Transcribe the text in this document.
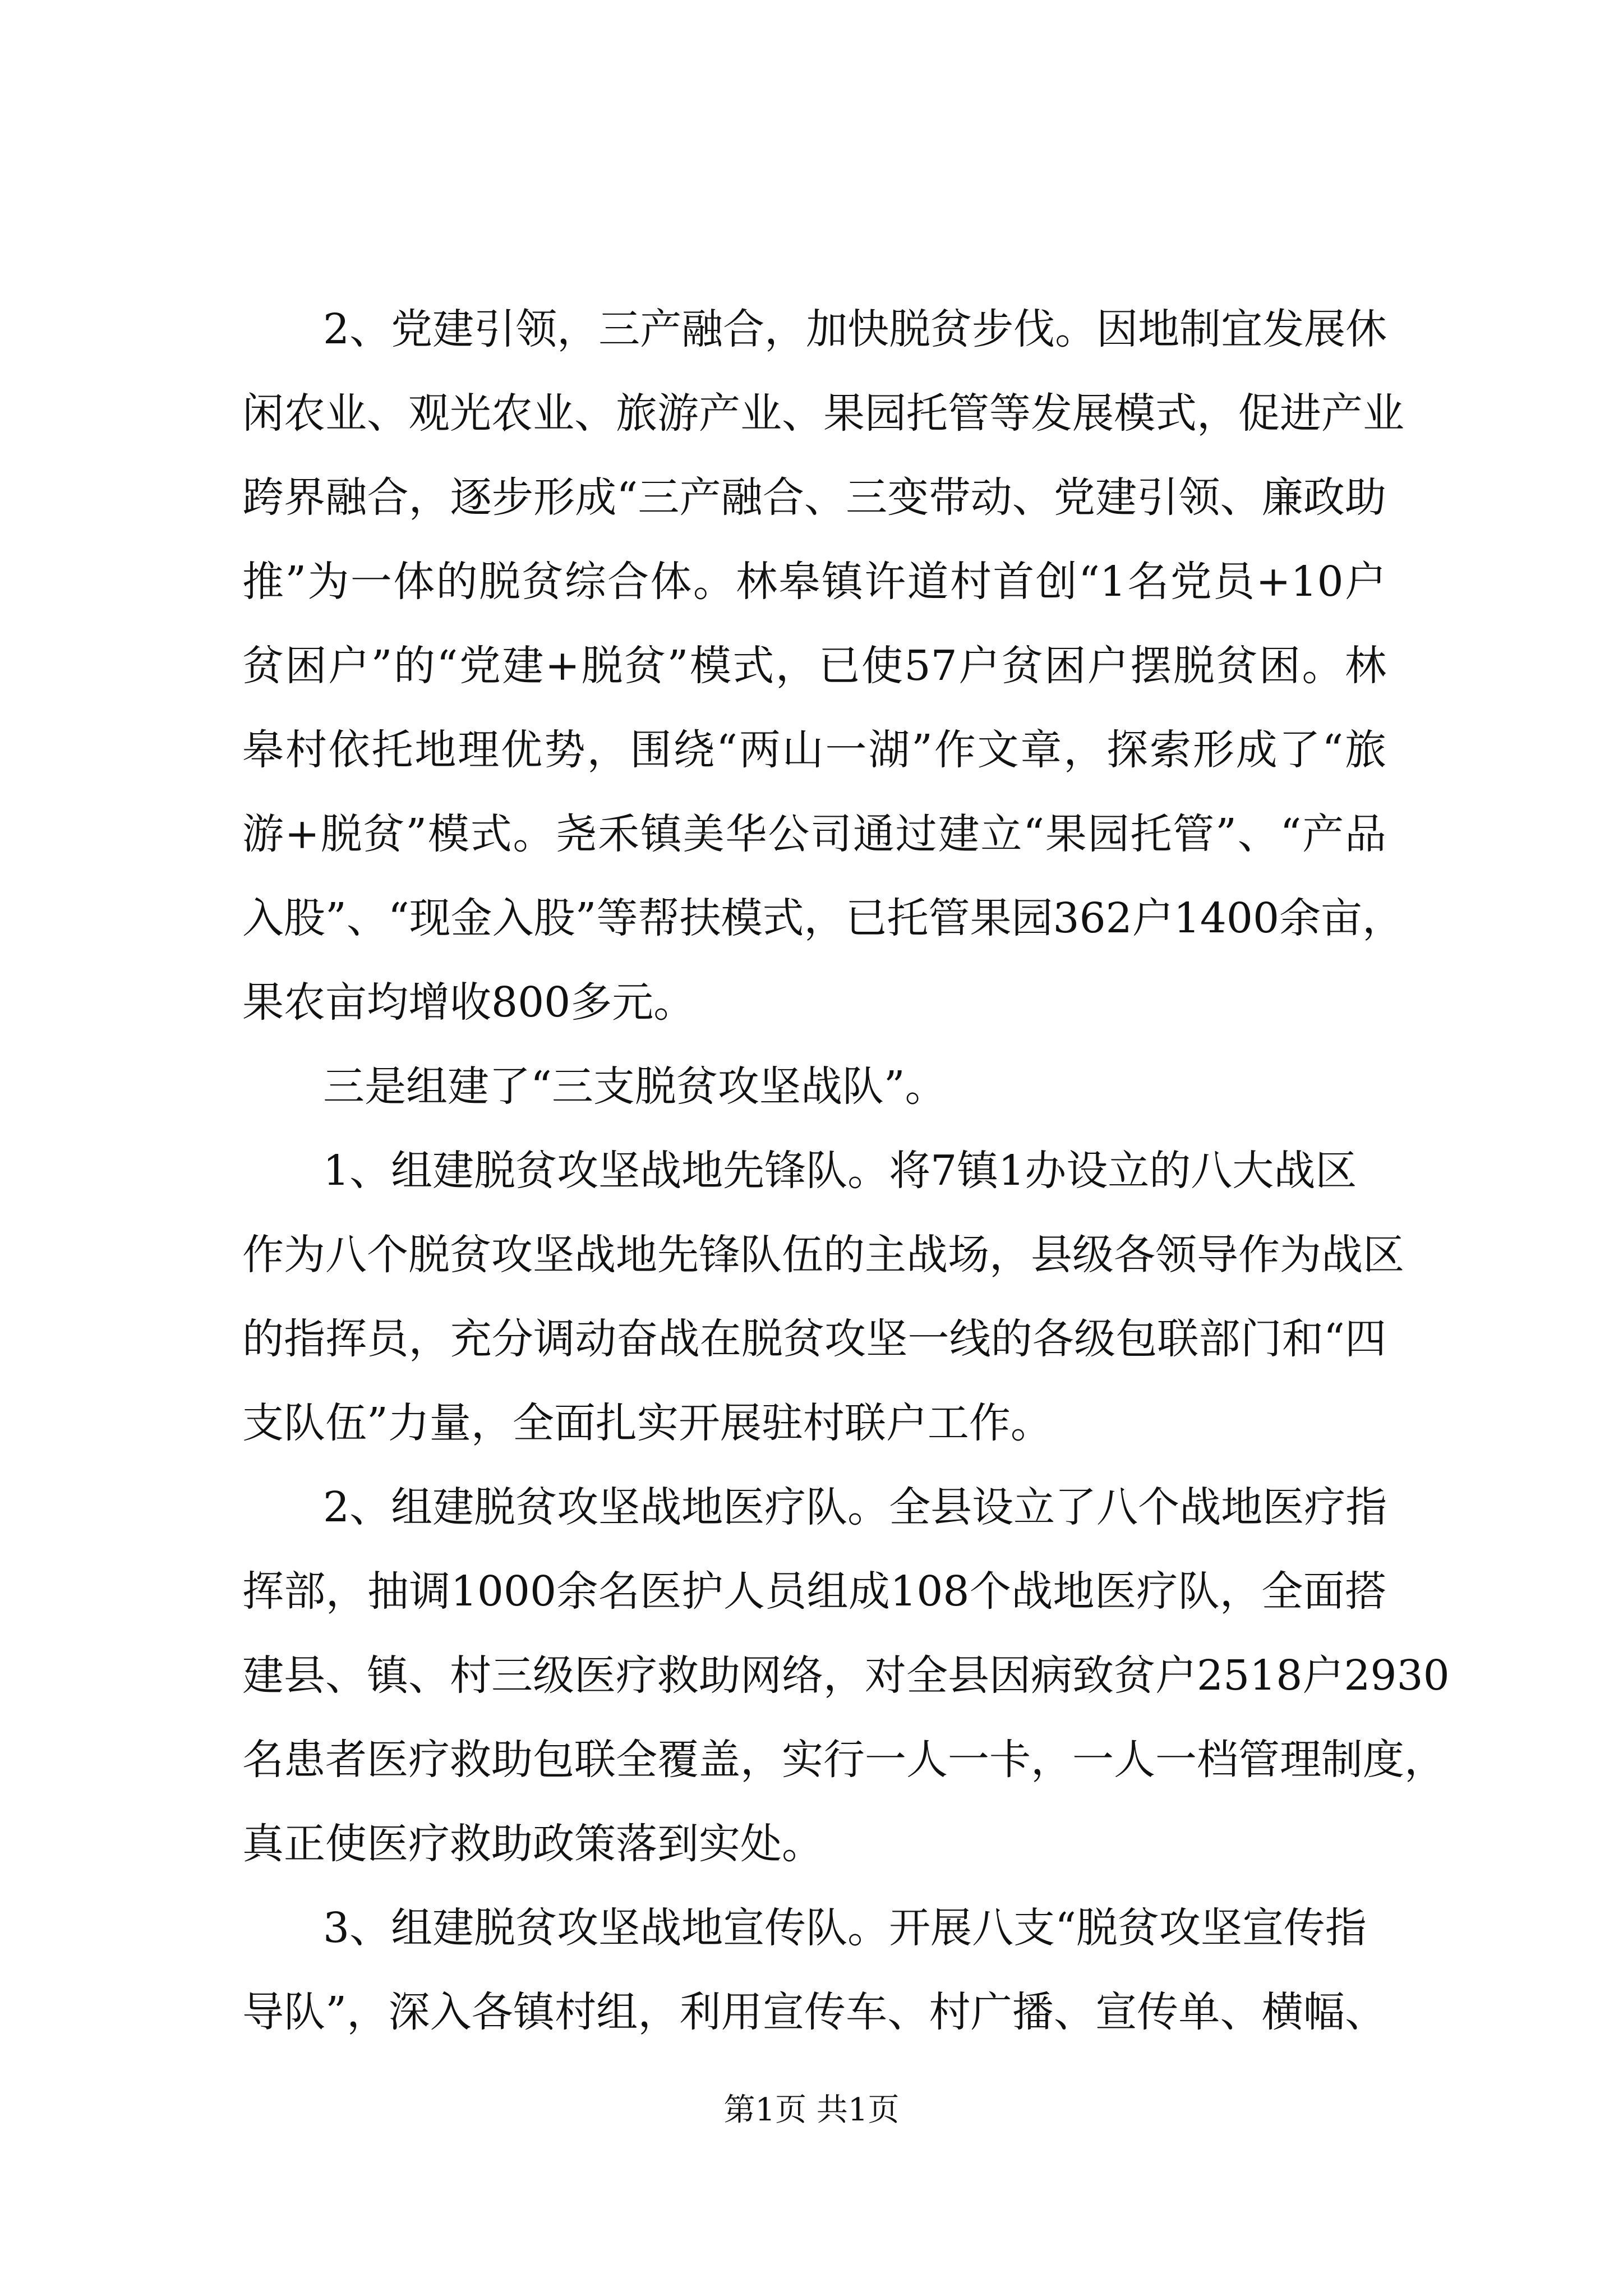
2、党建引领，三产融合，加快脱贫步伐。因地制宜发展休
闲农业、观光农业、旅游产业、果园托管等发展模式，促进产业
跨界融合，逐步形成“三产融合、三变带动、党建引领、廉政助
推”为一体的脱贫综合体。林皋镇许道村首创“1名党员+10户
贫困户”的“党建+脱贫”模式，已使57户贫困户摆脱贫困。林
皋村依托地理优势，围绕“两山一湖”作文章，探索形成了“旅
游+脱贫”模式。尧禾镇美华公司通过建立“果园托管”、“产品
入股”、“现金入股”等帮扶模式，已托管果园362户1400余亩，
果农亩均增收800多元。
三是组建了“三支脱贫攻坚战队”。
1、组建脱贫攻坚战地先锋队。将7镇1办设立的八大战区
作为八个脱贫攻坚战地先锋队伍的主战场，县级各领导作为战区
的指挥员，充分调动奋战在脱贫攻坚一线的各级包联部门和“四
支队伍”力量，全面扎实开展驻村联户工作。
2、组建脱贫攻坚战地医疗队。全县设立了八个战地医疗指
挥部，抽调1000余名医护人员组成108个战地医疗队，全面搭
建县、镇、村三级医疗救助网络，对全县因病致贫户2518户2930
名患者医疗救助包联全覆盖，实行一人一卡，一人一档管理制度，
真正使医疗救助政策落到实处。
3、组建脱贫攻坚战地宣传队。开展八支“脱贫攻坚宣传指
导队”，深入各镇村组，利用宣传车、村广播、宣传单、横幅、
第1页 共1页
